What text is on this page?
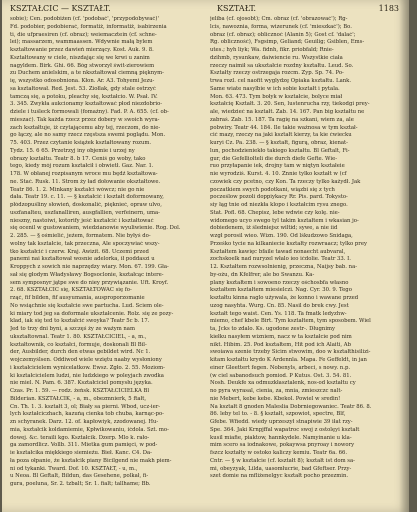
KSZTAŁCIC — KSZTAŁT.	KSZTAŁT.	1183
sobie); Cen. podobiżen (cf. 'podobać', 'przypodobywać)'
Fd. podobier, podobierać, formatiż, informatiż, isabirzenia
ti, die ufpraesiren (cf. obraz); weiemacztein (cf. schne-
lei); massarzem, wammaassen. Wdywnie małą bylem
kształtowanie przez dawień mierzący. Kost. Auk. 9. 8.
Kształtowany w ciele, niszdając się we krwi u zanim
nagyldem. Birk. Ghi. 66. Bóg stworzył świt-zierowiem
zu Duchem anielskim, a te nkształtował ciemną pięknym-
ię, wszystko odosobniona. Kłon. Ar. A3. Tohyemi Jezu-
sa kształtował. Red. Jest. 53. Ziołlak, gdy stale ostrzyć
tamczą się, a potoku, pleachy się, kształcio. W. Psał. IV.
3. 345. Zwykła aukcionamy kształtować płod niezdobrio-
dziele i tuśleck formowali (fomażny). Fad. P. A. 655. (cf. ob-
mieszać). Tak każda rzecz przez dobery w swoich wyra-
zach kształtuje, iż czytającemu aby tej, rzeczom, do nie-
go łączy, ale no samy rzecz rzęstsza swemi poglądu. Mon.
75. 403. Przez czytanie książek kształtowany rozum.
Tydz. 15. 6 65. Przetrzyj iny objemie i urzej ny
obrazy kształtu. Teatr 8. b 17. Ceniś go woby, tako
tego, kiedy mój rozum kształcił i obwietł. Gaz. Nar. 1.
178. W obłanej rozpisanym wroce mu będź kształtowa-
ne. Stać. Rusk. 11. Strom ży ład dołowanie okształtowe.
Teatr 86. 1. 2. Minkany kształci wówcz; nie go nie
dała. Teatr 19. c. 11. — § kształcić i kształt doformowany,
płódzopuśliny słowień, doskonalić, pięknieć, opraw ulvo,
uszfanalteu, uszfanalliren, ausgfallien, verfeinern, uma-
nieszny, nastoiwi, kotorify jeść kształcić i kształtować
się ocenil w gustowaniem, wiedzianowie wyuliwienie. Rog. Dol.
2. 285. — § ośmielić, jeżem, formatem. Nie byłyś do-
wolny tak kształcie, tak przeczna, Ale spoczywiać wszy-
tko kształcić i czerw. Kraj. Awizit. 68. Uczemi przed
panemi nai kształtował wosnie adelorka, ił poddaszi u
Kroppych z sowich nie naprzędzy wiary. Mon. 67. 199. Gła-
sał się głodym Władysławy Bogsoclonie, kształcąc intere-
sem symposnyr jątpe swe do niey przywiązanie. Uft. Kroyf.
2. 68. KSZTAŁCIĆ się, KSZTAŁTOWAĆ się fo-
rząć, fif bilden, fif ausyumania, ausproporzomanie
No wsiąchnie się kształcie swe partucha. Lud. Sciem ole-
ki miary tod jeg sa doformale ukształcenie. Rolz. się ze pozy-
klad, iak się ted to kształcić swoyka? Teatr 5c b. 17.
Jed to trzy dni byni, a szczęś ży ze ważym nam
ukształtownal. Teatr 1. 80. KSZTAŁCICIEL, - a, m.,
kształtownik, co kształci, formuje, doskonali Bl Bil-
der, Ausbilder, durch den etwas gebildet wird. Nc 1.
wojczemyślsen. Oddiwod wiele wziętu naaby wysłoniony
i kształcicielem wynicelatkow. Ewsz. Zgło. 2. 55. Moziom-
ki kształcicielem ludzi, nie ludzkiego w poleyjach zwodka
nie miel. N. Pam. 6. 387. Kształciciel pomysłu języka.
Czas. Pr. 1. 59. — rodz. żeńsk. KSZTAŁCICIELKA Bl
Bilderian. KSZTAŁCIK, - a, m., obezmnierk, 5 ftałt,
Cn. Th. 1. 3. kształt 3, ol; Biały sa pierni. Wbod, ucz-ier-
lych kształciczhach, kazuńą cienka tob chuba, karnąc-po-
zn schyranek. Darz. 12. of. kapłowiyk, zzodowanej. Hu-
mia, kształcik koldamiemie, Kpłwikowaniu, ićdola. Szt. mo-
dowej. &c. teraili kgo. Kształcik. Dzerp. Mlo k. rało-
ga zamordlicz. Vollb. 311. Mietka gum pamięci, w pod-
ie kształcika miękkiego siemieżu. Bieł. Kanc. C4. Da-
ła poza ołpanie, że kształcik piany Bicilgend nie makh piem-
ni od tykanki. Tward. Dof. 10. KSZTAŁT, - u, m.,
u Neoa. Bl Geftalt, Bildun, das Gesehene, polkał, fi-
gura, poeluna, Sr. 2. tzbalt; Sr. 1. fialt; tallhame; Bb.
jeliba (cf. ojosobt); Cm. obraz (cf. 'obrazować'); Rg-
lcis, nawoznia, forma, wizerunek (cf. 'mieszkać'); Bo.
obraz (cf. obraz); oblicznoć (Alanin 5); Gost cf. 'dalać';
Rg. obliczność), Fsgsimp, Geliand; Geuilig; Gsiblen, Ems-
utes.; hyh liyk; Wa. fidnh, fikr. priobfald; Rnie-
dzihmb, rysunkaw, daiwiencie ru. Wszystkie ciała
rzeczy naimił sa ukształcie rozdny kształtu. Leud. So.
Kształty rzeczy ostrzegaja rozcm. Zyp. Sp. 74. Po-
trwa rozl. cel naofit wyglydzę Opiaka kształtu. Lank.
Same wiate nasylbie w ich sobie kształt i pytala.
Mon. 63. 473. Tym bołyk w kształcie, bolyce miał
kształcię Kształt. 3. 20. Sen, lustenrucha rzy, tiekodgi prey-
ale, wiedzieć na kształt. Zab. 14. 167. Pan big kształtu ne
zabraś. Zab. 15. 187. Ta ragię na szkani, wiem za, ale
pobwiry. Teatr 44. 184. Ile takie ważnosa w tym kształ-
cić mazy, rzeczy na jaki kształt kierzy, ta kie ćwiecku
kuryi Cz. Pa. 238. — § kształt, figurą, obraz, kienat-
lun, pochodzieniekło takiego kształtu. Bl Geftalt, Fi-
gur, die Gefelliolteli die durch diefe Gefte. Wie-
ruo przyłapanie iek, drojny tam w niqtyn kształeie
nie wyrodziś. Kurst. 4. 10. Znnie tylko kształt w (cf
czowiek czy pcetno, czy Kon. Ta rzeczy tylko każydł. Jak
poczatkiem swych podotkani, wiązbi się z tych
pocześlow pozoli doppiykacy Rr. Pis. pard. Tokysto-
siy łąg tnie od niezkła klopo i kształcim rysu znego.
Stat. Pofl. 68. Chepisz, lebe wdwie czy kolę. nie-
widomego ucyo swego tyl takim kształtem i wkasian jo-
dobiedenem, iż śledniejsz wiltid; sywe, a nie iid
wzgł porosil wieo. Wizn. 190. Od lśkudzowo Snidaga,
Prześko tycie na kilkaniecie kształty rozwraacz; tylko prey
Kształtem kawięc bfaile tawad nonaecht aubvaral,
zochskoelk nad nuryzel włalo ieo ićdolie. Teatr 33. I.
12. Kształtem rozwsolnienig, przeczna, Naijsy bab. na-
by-ożu, dn Kfelfrer, ale bo Swanzu. Ka-
plany kształtem i sowoeno rzeczy ośchosbfa własno
kształtem kształtem miesielczi. Nag. Cyr. 30. 9. Tego
kształtu kinna raglo używala, że konno i wawane przed
uzog nasyhta. Wurg. Cn. 85. Nasil do brek cwy. Jest
kształt tego waist. Cen. Ys. 118. Ta fmatk ledyzhw-
miemo, chef kbele Birt. Tym kształtem, tym sposobem. Wiel
ta, Jcks to zdalo. Ks. ugodone zestr-. Długnimy
kiełku nasyłem wizniem, nacz w ta kształcie pod nim
nikt. Hibim. 25. Pod kształtem, Hit pod ich Alaiti, Ab
swoiawa szenie trzeby Sicim stwowim, doo w kształthisilizi-
kitam kształtu krydo K Ardennla. Mapa. Fe Geffeldt, in jan
einer Gleettert fegen. Nobenyls, arbeci, s nowy. n.p.
(w ciel sabanodsuch pomiod. P Kutus. Ost. 3. 54. 81.
Nosh. Deukfe xa odmuzkłasztalenk, nos-od kształtu cy
no pyra wyrasal, cienia, za, mnia, zmieszczc nalt-
nie Mebert, kebe kebe. Kbekol. Powiel w sredin!
Na kształt 8 gnoden Maleslia Dobrniegowaniec. Teatr 86. 8.
86. leby tel to. - 8. § kształt, szpowiot, spectre, Blf,
Gfebe. Wfiedd. wiedy uprzeszył stnapiwie 39 iłat rzy-
Spe. 364. Jaki Krnpjffal wapatroc swoj z ostolęyi kształt
kusil miafie, piaktow, hannkydele. Namyinanie u kla-
mim scero sa iodnakowe, pokaywsa pnyroay i nowory
fszcz kształty w ostoko kaliczy kemiu. Teatr 6a. 66.
Cntr. — § w kształcie (cf. kształt 8); kształt ist dom sa-
mi, obeyzyak, Lilda, uasomłucrie, bad Gfeftser. Przy-
szet domie na mfliżenelgyc kształt pocho przezmin.
